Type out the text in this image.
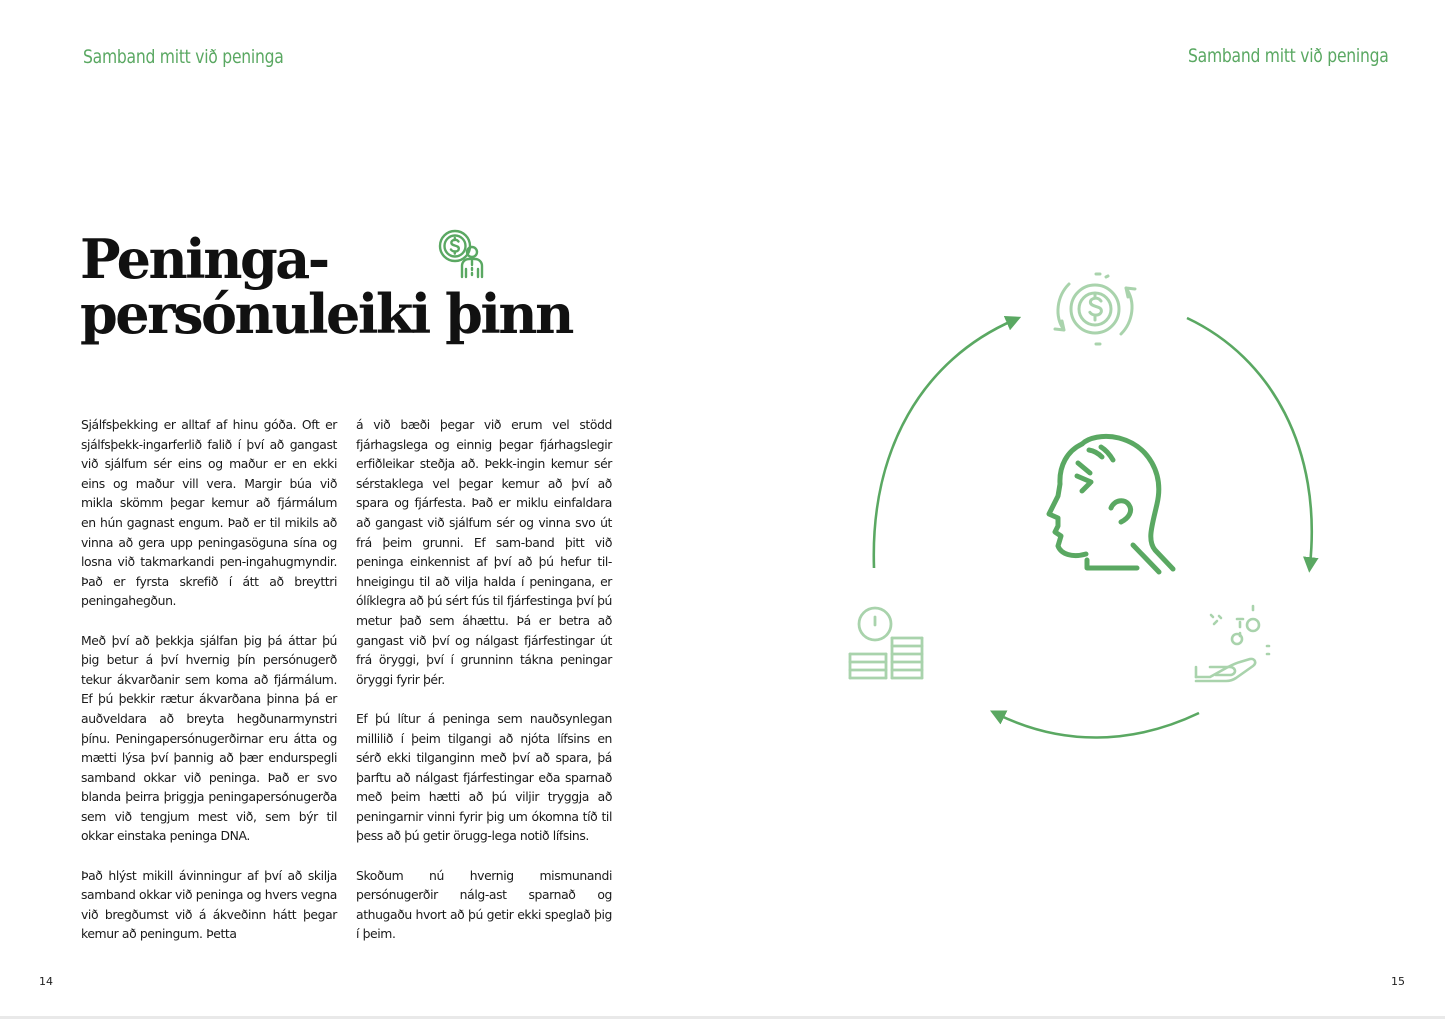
Samband mitt við peninga
Peninga-
persónuleiki þinn

Sjálfsþekking er alltaf af hinu góða. Oft er sjálfsþekk-ingarferlið falið í því að gangast við sjálfum sér eins og maður er en ekki eins og maður vill vera. Margir búa við mikla skömm þegar kemur að fjármálum en hún gagnast engum. Það er til mikils að vinna að gera upp peningasöguna sína og losna við takmarkandi pen-ingahugmyndir. Það er fyrsta skrefið í átt að breyttri peningahegðun.

Með því að þekkja sjálfan þig þá áttar þú þig betur á því hvernig þín persónugerð tekur ákvarðanir sem koma að fjármálum. Ef þú þekkir rætur ákvarðana þinna þá er auðveldara að breyta hegðunarmynstri þínu. Peningapersónugerðirnar eru átta og mætti lýsa því þannig að þær endurspegli samband okkar við peninga. Það er svo blanda þeirra þriggja peningapersónugerða sem við tengjum mest við, sem býr til okkar einstaka peninga DNA.

Það hlýst mikill ávinningur af því að skilja samband okkar við peninga og hvers vegna við bregðumst við á ákveðinn hátt þegar kemur að peningum. Þetta

á við bæði þegar við erum vel stödd fjárhagslega og einnig þegar fjárhagslegir erfiðleikar steðja að. Þekk-ingin kemur sér sérstaklega vel þegar kemur að því að spara og fjárfesta. Það er miklu einfaldara að gangast við sjálfum sér og vinna svo út frá þeim grunni. Ef sam-band þitt við peninga einkennist af því að þú hefur til-hneigingu til að vilja halda í peningana, er ólíklegra að þú sért fús til fjárfestinga því þú metur það sem áhættu. Þá er betra að gangast við því og nálgast fjárfestingar út frá öryggi, því í grunninn tákna peningar öryggi fyrir þér.

Ef þú lítur á peninga sem nauðsynlegan millilið í þeim tilgangi að njóta lífsins en sérð ekki tilganginn með því að spara, þá þarftu að nálgast fjárfestingar eða sparnað með þeim hætti að þú viljir tryggja að peningarnir vinni fyrir þig um ókomna tíð til þess að þú getir örugg-lega notið lífsins.

Skoðum nú hvernig mismunandi persónugerðir nálg-ast sparnað og athugaðu hvort að þú getir ekki speglað þig í þeim.

14
Samband mitt við peninga
15
